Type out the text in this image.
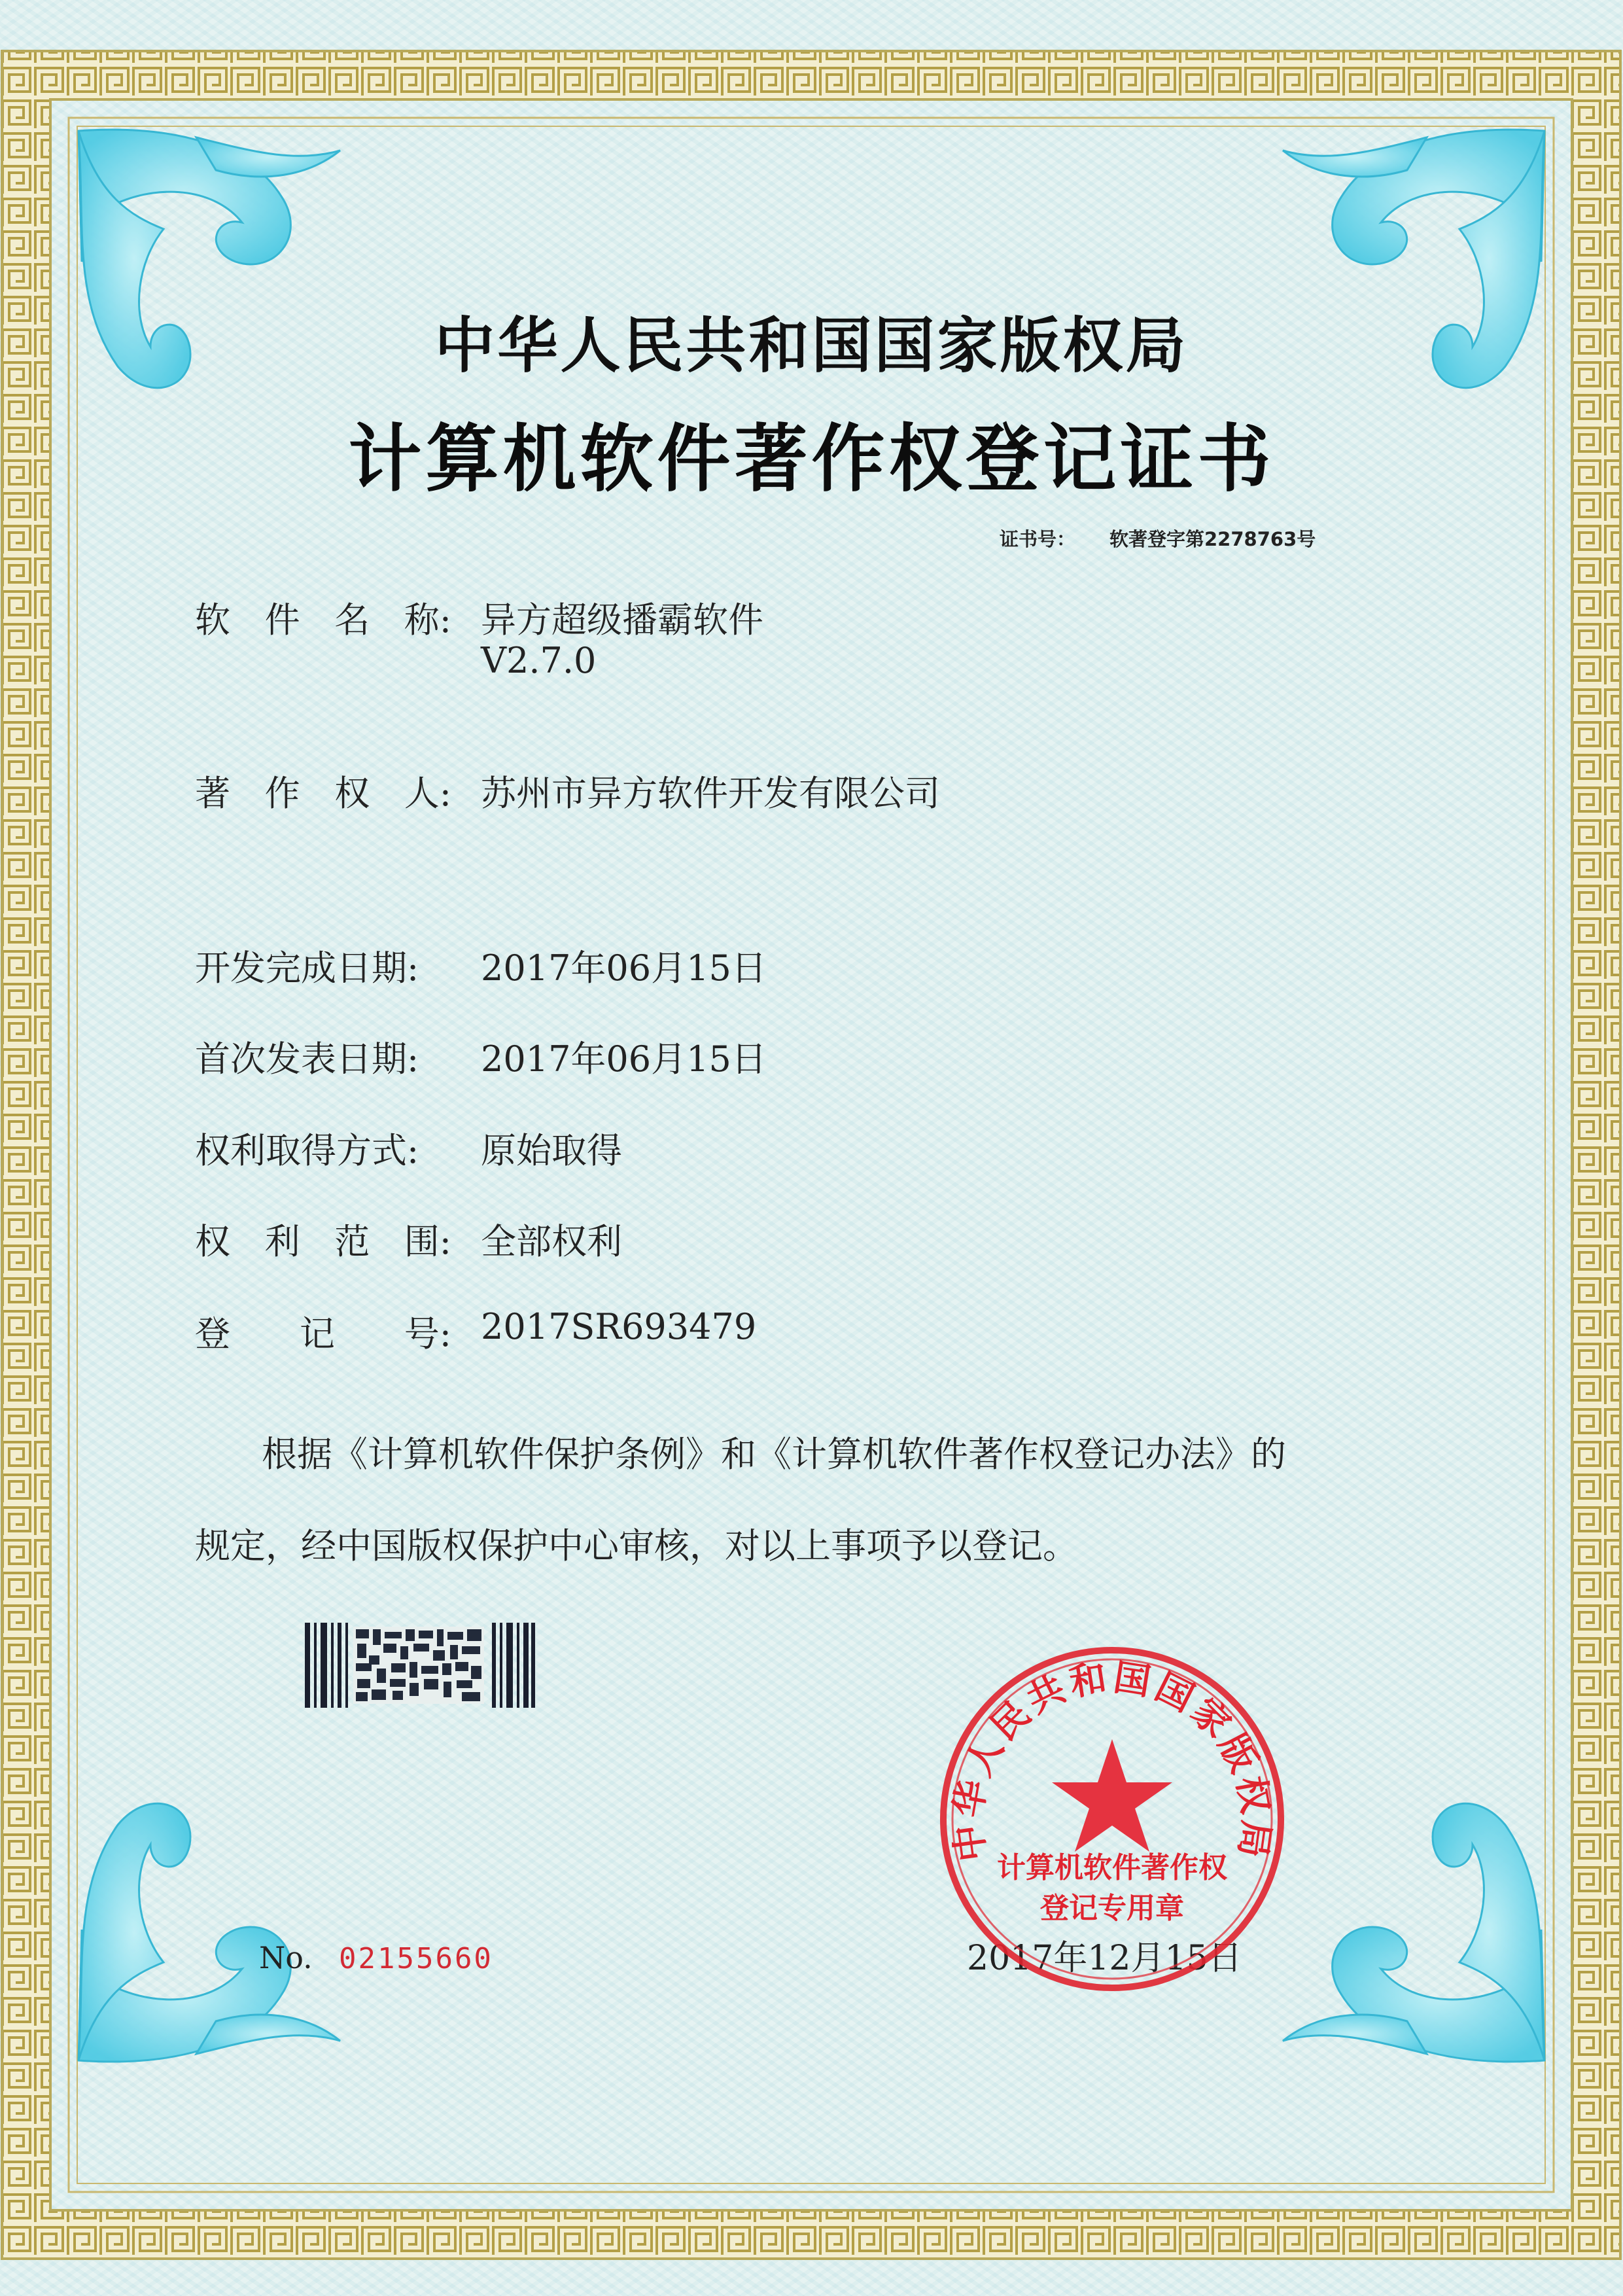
中华人民共和国国家版权局
计算机软件著作权登记证书
证书号： 软著登字第2278763号
软 件 名 称: 异方超级播霸软件
V2.7.0
著 作 权 人: 苏州市异方软件开发有限公司
开发完成日期: 2017年06月15日
首次发表日期: 2017年06月15日
权利取得方式: 原始取得
权 利 范 围: 全部权利
登 记 号: 2017SR693479
根据《计算机软件保护条例》和《计算机软件著作权登记办法》的
规定，经中国版权保护中心审核，对以上事项予以登记。
No. 02155660	2017年12月15日
中华人民共和国国家版权局
计算机软件著作权
登记专用章
